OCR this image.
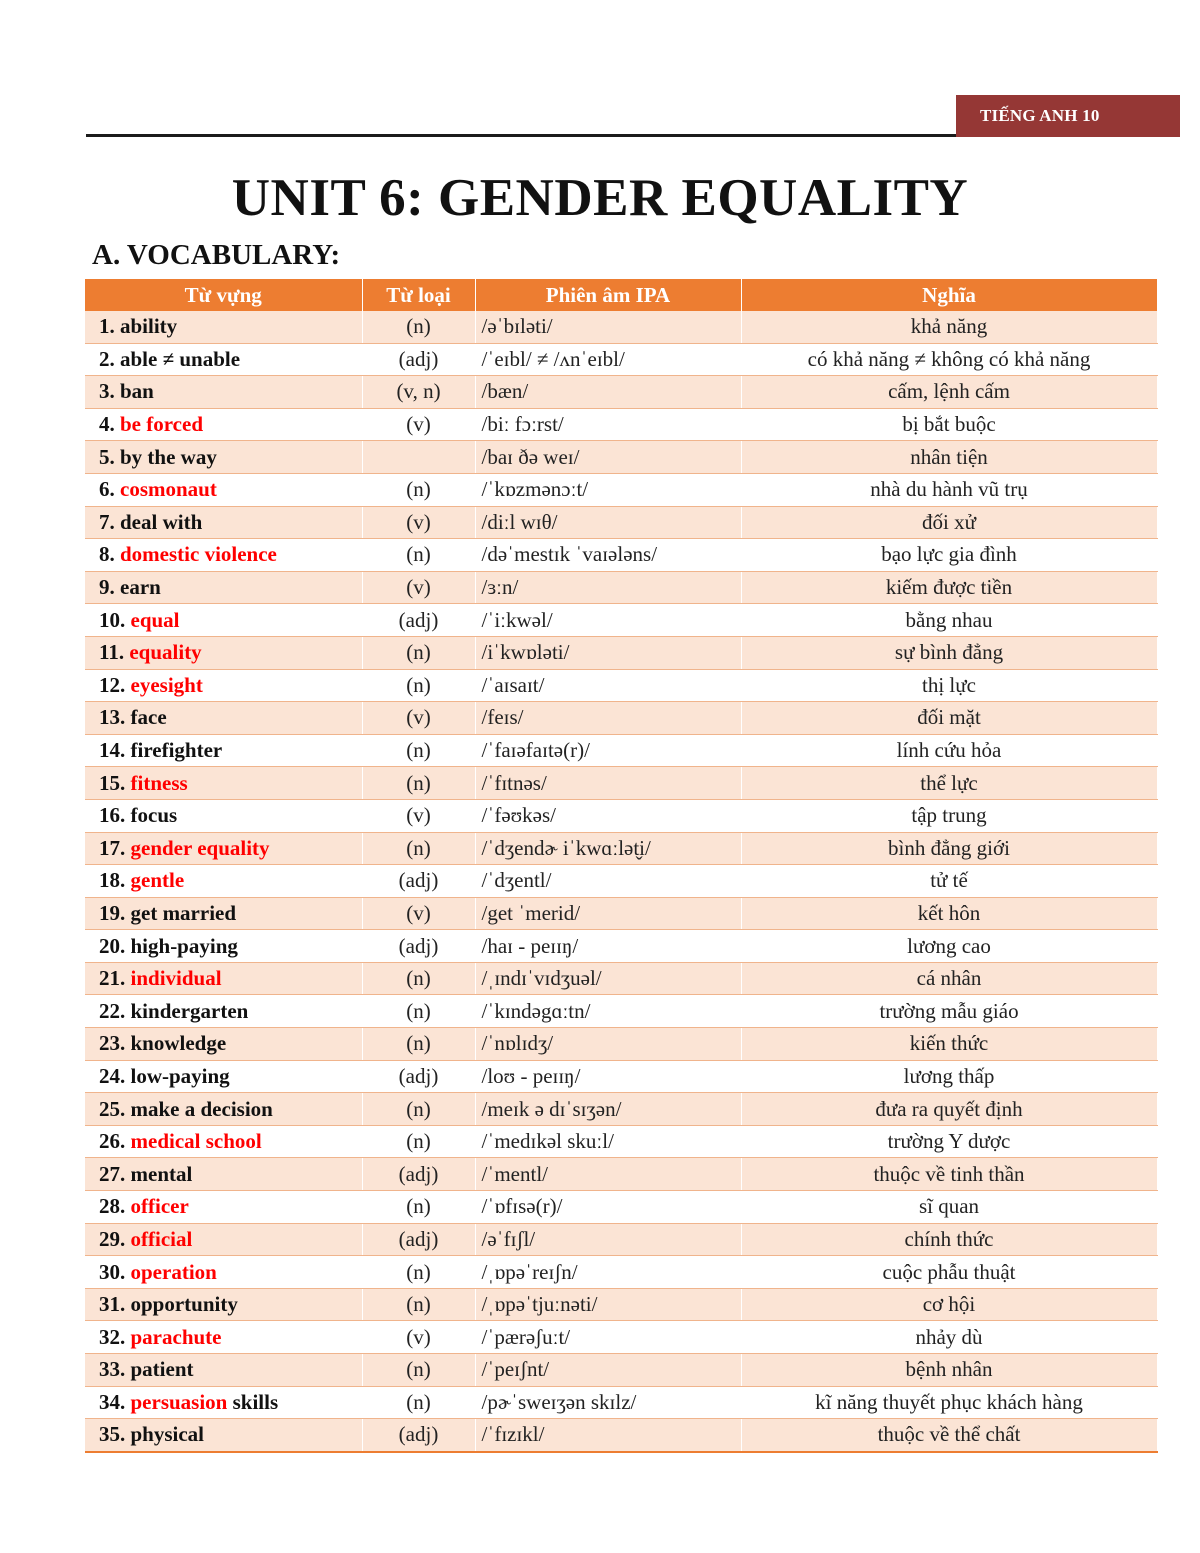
TIẾNG ANH 10
UNIT 6: GENDER EQUALITY
A. VOCABULARY:
Từ vựng	Từ loại	Phiên âm IPA	Nghĩa
1. ability	(n)	/əˈbɪləti/	khả năng
2. able ≠ unable	(adj)	/ˈeɪbl/ ≠ /ʌnˈeɪbl/	có khả năng ≠ không có khả năng
3. ban	(v, n)	/bæn/	cấm, lệnh cấm
4. be forced	(v)	/biː fɔːrst/	bị bắt buộc
5. by the way		/baɪ ðə weɪ/	nhân tiện
6. cosmonaut	(n)	/ˈkɒzmənɔːt/	nhà du hành vũ trụ
7. deal with	(v)	/diːl wɪθ/	đối xử
8. domestic violence	(n)	/dəˈmestɪk ˈvaɪələns/	bạo lực gia đình
9. earn	(v)	/ɜːn/	kiếm được tiền
10. equal	(adj)	/ˈiːkwəl/	bằng nhau
11. equality	(n)	/iˈkwɒləti/	sự bình đẳng
12. eyesight	(n)	/ˈaɪsaɪt/	thị lực
13. face	(v)	/feɪs/	đối mặt
14. firefighter	(n)	/ˈfaɪəfaɪtə(r)/	lính cứu hỏa
15. fitness	(n)	/ˈfɪtnəs/	thể lực
16. focus	(v)	/ˈfəʊkəs/	tập trung
17. gender equality	(n)	/ˈdʒendɚ iˈkwɑːlət̬i/	bình đẳng giới
18. gentle	(adj)	/ˈdʒentl/	tử tế
19. get married	(v)	/get ˈmerid/	kết hôn
20. high-paying	(adj)	/haɪ - peɪɪŋ/	lương cao
21. individual	(n)	/ˌɪndɪˈvɪdʒuəl/	cá nhân
22. kindergarten	(n)	/ˈkɪndəgɑːtn/	trường mẫu giáo
23. knowledge	(n)	/ˈnɒlɪdʒ/	kiến thức
24. low-paying	(adj)	/loʊ - peɪɪŋ/	lương thấp
25. make a decision	(n)	/meɪk ə dɪˈsɪʒən/	đưa ra quyết định
26. medical school	(n)	/ˈmedɪkəl skuːl/	trường Y dược
27. mental	(adj)	/ˈmentl/	thuộc về tinh thần
28. officer	(n)	/ˈɒfɪsə(r)/	sĩ quan
29. official	(adj)	/əˈfɪʃl/	chính thức
30. operation	(n)	/ˌɒpəˈreɪʃn/	cuộc phẫu thuật
31. opportunity	(n)	/ˌɒpəˈtjuːnəti/	cơ hội
32. parachute	(v)	/ˈpærəʃuːt/	nhảy dù
33. patient	(n)	/ˈpeɪʃnt/	bệnh nhân
34. persuasion skills	(n)	/pɚˈsweɪʒən skɪlz/	kĩ năng thuyết phục khách hàng
35. physical	(adj)	/ˈfɪzɪkl/	thuộc về thể chất
